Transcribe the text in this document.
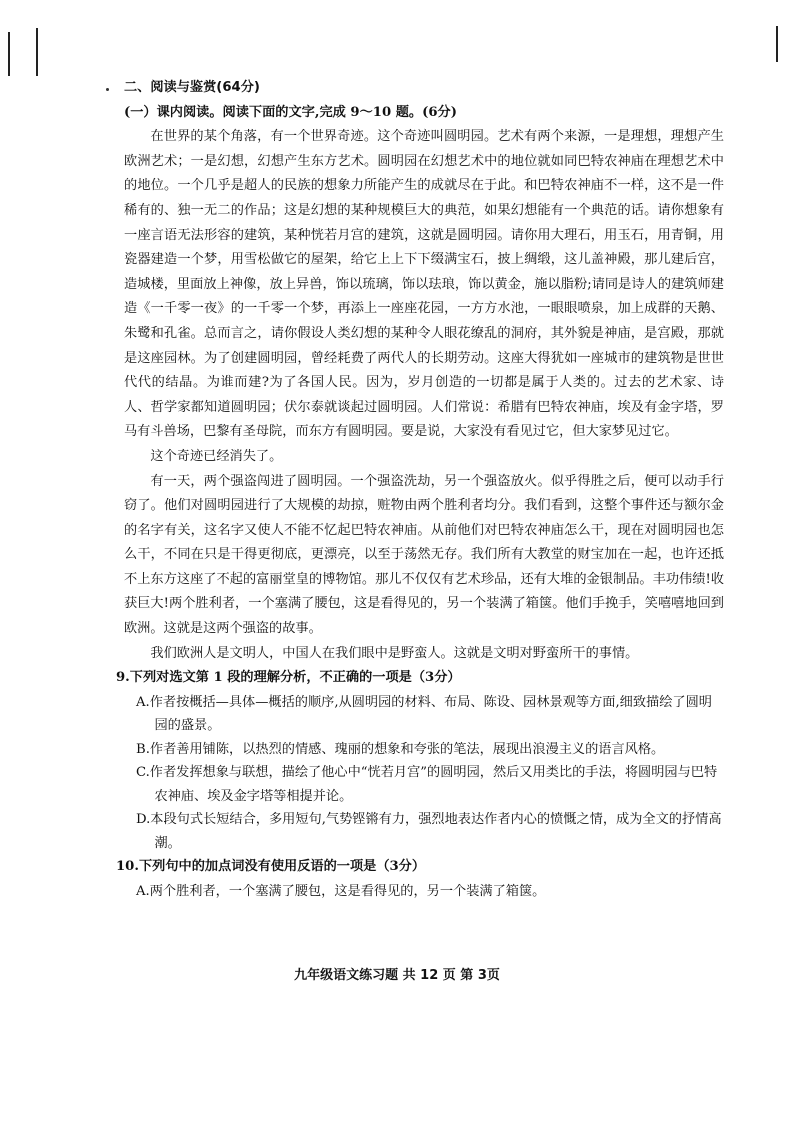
二、阅读与鉴赏(64分)
(一）课内阅读。阅读下面的文字,完成 9～10 题。(6分)

在世界的某个角落，有一个世界奇迹。这个奇迹叫圆明园。艺术有两个来源，一是理想，理想产生欧洲艺术；一是幻想，幻想产生东方艺术。圆明园在幻想艺术中的地位就如同巴特农神庙在理想艺术中的地位。一个几乎是超人的民族的想象力所能产生的成就尽在于此。和巴特农神庙不一样，这不是一件稀有的、独一无二的作品；这是幻想的某种规模巨大的典范，如果幻想能有一个典范的话。请你想象有一座言语无法形容的建筑，某种恍若月宫的建筑，这就是圆明园。请你用大理石，用玉石，用青铜，用瓷器建造一个梦，用雪松做它的屋架，给它上上下下缀满宝石，披上绸缎，这儿盖神殿，那儿建后宫，造城楼，里面放上神像，放上异兽，饰以琉璃，饰以珐琅，饰以黄金，施以脂粉;请同是诗人的建筑师建造《一千零一夜》的一千零一个梦，再添上一座座花园，一方方水池，一眼眼喷泉，加上成群的天鹅、朱鹭和孔雀。总而言之，请你假设人类幻想的某种令人眼花缭乱的洞府，其外貌是神庙，是宫殿，那就是这座园林。为了创建圆明园，曾经耗费了两代人的长期劳动。这座大得犹如一座城市的建筑物是世世代代的结晶。为谁而建?为了各国人民。因为，岁月创造的一切都是属于人类的。过去的艺术家、诗人、哲学家都知道圆明园；伏尔泰就谈起过圆明园。人们常说：希腊有巴特农神庙，埃及有金字塔，罗马有斗兽场，巴黎有圣母院，而东方有圆明园。要是说，大家没有看见过它，但大家梦见过它。

这个奇迹已经消失了。

有一天，两个强盗闯进了圆明园。一个强盗洗劫，另一个强盗放火。似乎得胜之后，便可以动手行窃了。他们对圆明园进行了大规模的劫掠，赃物由两个胜利者均分。我们看到，这整个事件还与额尔金的名字有关，这名字又使人不能不忆起巴特农神庙。从前他们对巴特农神庙怎么干，现在对圆明园也怎么干，不同在只是干得更彻底，更漂亮，以至于荡然无存。我们所有大教堂的财宝加在一起，也许还抵不上东方这座了不起的富丽堂皇的博物馆。那儿不仅仅有艺术珍品，还有大堆的金银制品。丰功伟绩!收获巨大!两个胜利者，一个塞满了腰包，这是看得见的，另一个装满了箱箧。他们手挽手，笑嘻嘻地回到欧洲。这就是这两个强盗的故事。

我们欧洲人是文明人，中国人在我们眼中是野蛮人。这就是文明对野蛮所干的事情。

9.下列对选文第 1 段的理解分析，不正确的一项是（3分）
A.作者按概括—具体—概括的顺序,从圆明园的材料、布局、陈设、园林景观等方面,细致描绘了圆明园的盛景。
B.作者善用铺陈，以热烈的情感、瑰丽的想象和夸张的笔法，展现出浪漫主义的语言风格。
C.作者发挥想象与联想，描绘了他心中“恍若月宫”的圆明园，然后又用类比的手法，将圆明园与巴特农神庙、埃及金字塔等相提并论。
D.本段句式长短结合，多用短句,气势铿锵有力，强烈地表达作者内心的愤慨之情，成为全文的抒情高潮。
10.下列句中的加点词没有使用反语的一项是（3分）
A.两个胜利者，一个塞满了腰包，这是看得见的，另一个装满了箱箧。
九年级语文练习题 共 12 页 第 3页
